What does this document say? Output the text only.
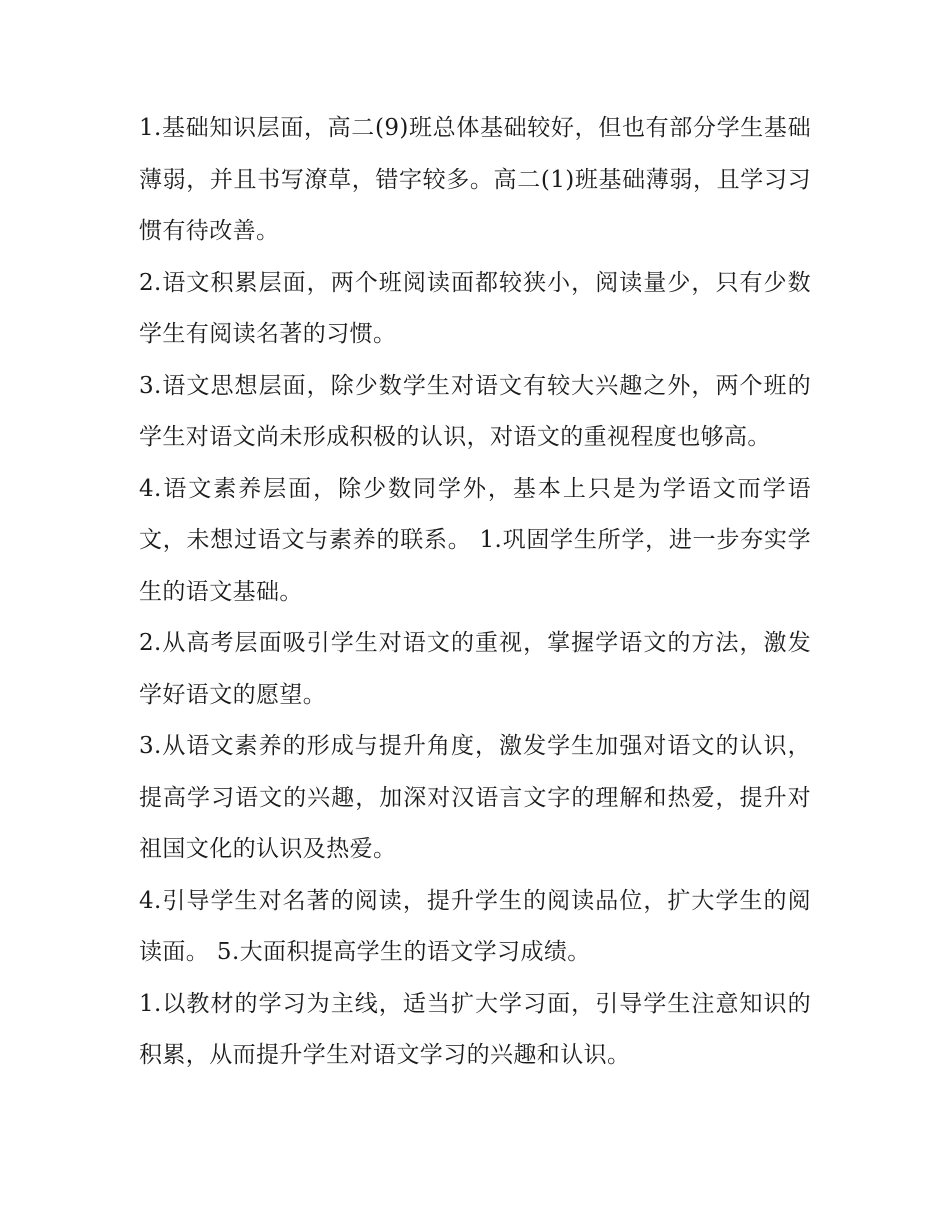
1.基础知识层面，高二(9)班总体基础较好，但也有部分学生基础薄弱，并且书写潦草，错字较多。高二(1)班基础薄弱，且学习习惯有待改善。

2.语文积累层面，两个班阅读面都较狭小，阅读量少，只有少数学生有阅读名著的习惯。

3.语文思想层面，除少数学生对语文有较大兴趣之外，两个班的学生对语文尚未形成积极的认识，对语文的重视程度也够高。

4.语文素养层面，除少数同学外，基本上只是为学语文而学语文，未想过语文与素养的联系。 1.巩固学生所学，进一步夯实学生的语文基础。

2.从高考层面吸引学生对语文的重视，掌握学语文的方法，激发学好语文的愿望。

3.从语文素养的形成与提升角度，激发学生加强对语文的认识，提高学习语文的兴趣，加深对汉语言文字的理解和热爱，提升对祖国文化的认识及热爱。

4.引导学生对名著的阅读，提升学生的阅读品位，扩大学生的阅读面。 5.大面积提高学生的语文学习成绩。

1.以教材的学习为主线，适当扩大学习面，引导学生注意知识的积累，从而提升学生对语文学习的兴趣和认识。
